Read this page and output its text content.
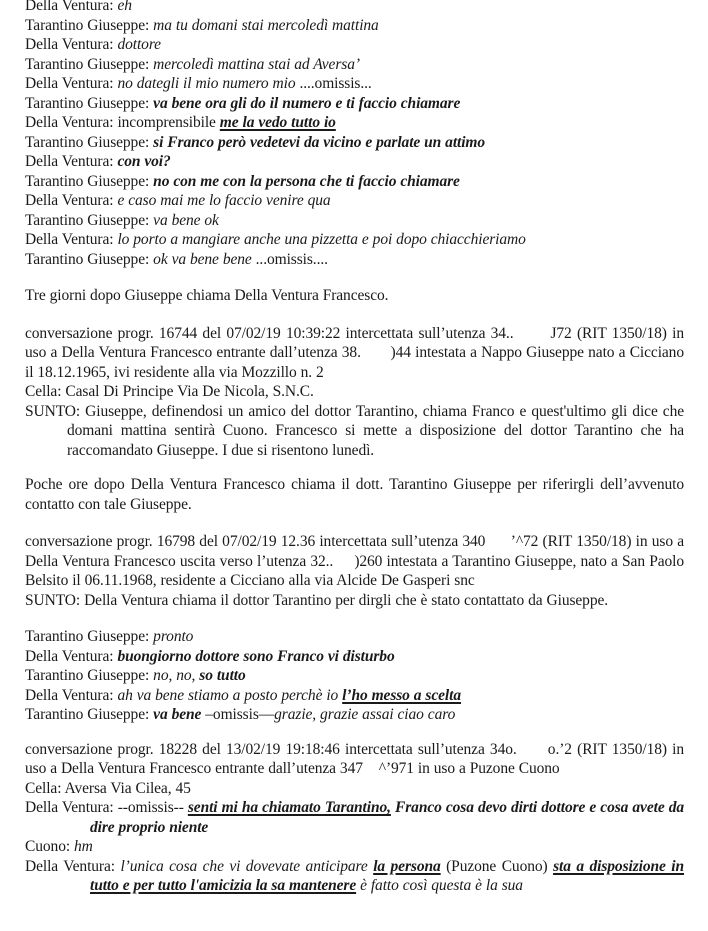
Della Ventura: eh

Tarantino Giuseppe: ma tu domani stai mercoledì mattina

Della Ventura: dottore

Tarantino Giuseppe: mercoledì mattina stai ad Aversa’

Della Ventura: no dategli il mio numero mio ....omissis...

Tarantino Giuseppe: va bene ora gli do il numero e ti faccio chiamare

Della Ventura: incomprensibile me la vedo tutto io

Tarantino Giuseppe: si Franco però vedetevi da vicino e parlate un attimo

Della Ventura: con voi?

Tarantino Giuseppe: no con me con la persona che ti faccio chiamare

Della Ventura: e caso mai me lo faccio venire qua

Tarantino Giuseppe: va bene ok

Della Ventura: lo porto a mangiare anche una pizzetta e poi dopo chiacchieriamo

Tarantino Giuseppe: ok va bene bene ...omissis....

Tre giorni dopo Giuseppe chiama Della Ventura Francesco.

conversazione progr. 16744 del 07/02/19 10:39:22 intercettata sull’utenza 34..       J72 (RIT 1350/18) in uso a Della Ventura Francesco entrante dall’utenza 38.       )44 intestata a Nappo Giuseppe nato a Cicciano il 18.12.1965, ivi residente alla via Mozzillo n. 2

Cella: Casal Di Principe Via De Nicola, S.N.C.

SUNTO: Giuseppe, definendosi un amico del dottor Tarantino, chiama Franco e quest'ultimo gli dice che domani mattina sentirà Cuono. Francesco si mette a disposizione del dottor Tarantino che ha raccomandato Giuseppe. I due si risentono lunedì.

Poche ore dopo Della Ventura Francesco chiama il dott. Tarantino Giuseppe per riferirgli dell’avvenuto contatto con tale Giuseppe.

conversazione progr. 16798 del 07/02/19 12.36 intercettata sull’utenza 340      ’^72 (RIT 1350/18) in uso a Della Ventura Francesco uscita verso l’utenza 32..     )260 intestata a Tarantino Giuseppe, nato a San Paolo Belsito il 06.11.1968, residente a Cicciano alla via Alcide De Gasperi snc

SUNTO: Della Ventura chiama il dottor Tarantino per dirgli che è stato contattato da Giuseppe.

Tarantino Giuseppe: pronto

Della Ventura: buongiorno dottore sono Franco vi disturbo

Tarantino Giuseppe: no, no, so tutto

Della Ventura: ah va bene stiamo a posto perchè io l’ho messo a scelta

Tarantino Giuseppe: va bene –omissis—grazie, grazie assai ciao caro

conversazione progr. 18228 del 13/02/19 19:18:46 intercettata sull’utenza 34o.      o.’2 (RIT 1350/18) in uso a Della Ventura Francesco entrante dall’utenza 347    ^’971 in uso a Puzone Cuono

Cella: Aversa Via Cilea, 45

Della Ventura: --omissis-- senti mi ha chiamato Tarantino, Franco cosa devo dirti dottore e cosa avete da dire proprio niente

Cuono: hm

Della Ventura: l’unica cosa che vi dovevate anticipare la persona (Puzone Cuono) sta a disposizione in tutto e per tutto l'amicizia la sa mantenere è fatto così questa è la sua
